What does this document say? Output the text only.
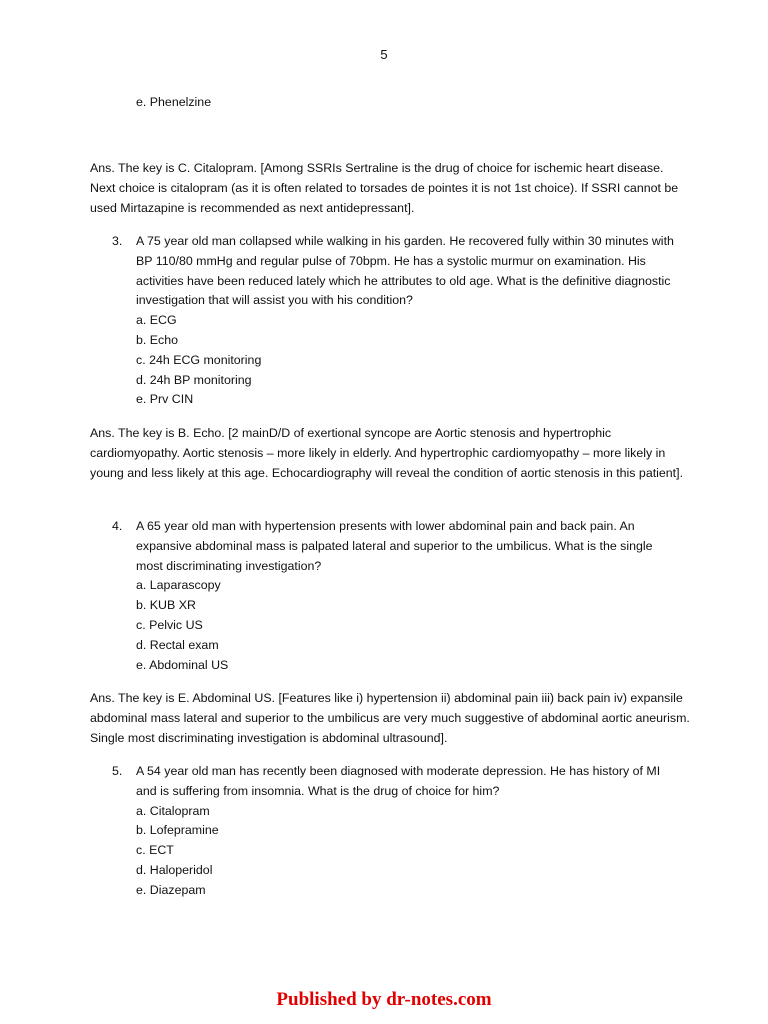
5
e. Phenelzine
Ans. The key is C. Citalopram. [Among SSRIs Sertraline is the drug of choice for ischemic heart disease. Next choice is citalopram (as it is often related to torsades de pointes it is not 1st choice). If SSRI cannot be used Mirtazapine is recommended as next antidepressant].
3. A 75 year old man collapsed while walking in his garden. He recovered fully within 30 minutes with BP 110/80 mmHg and regular pulse of 70bpm. He has a systolic murmur on examination. His activities have been reduced lately which he attributes to old age. What is the definitive diagnostic investigation that will assist you with his condition?
a. ECG
b. Echo
c. 24h ECG monitoring
d. 24h BP monitoring
e. Prv CIN
Ans. The key is B. Echo. [2 mainD/D of exertional syncope are Aortic stenosis and hypertrophic cardiomyopathy. Aortic stenosis – more likely in elderly. And hypertrophic cardiomyopathy – more likely in young and less likely at this age. Echocardiography will reveal the condition of aortic stenosis in this patient].
4. A 65 year old man with hypertension presents with lower abdominal pain and back pain. An expansive abdominal mass is palpated lateral and superior to the umbilicus. What is the single most discriminating investigation?
a. Laparascopy
b. KUB XR
c. Pelvic US
d. Rectal exam
e. Abdominal US
Ans. The key is E. Abdominal US. [Features like i) hypertension ii) abdominal pain iii) back pain iv) expansile abdominal mass lateral and superior to the umbilicus are very much suggestive of abdominal aortic aneurism. Single most discriminating investigation is abdominal ultrasound].
5. A 54 year old man has recently been diagnosed with moderate depression. He has history of MI and is suffering from insomnia. What is the drug of choice for him?
a. Citalopram
b. Lofepramine
c. ECT
d. Haloperidol
e. Diazepam
Published by dr-notes.com
